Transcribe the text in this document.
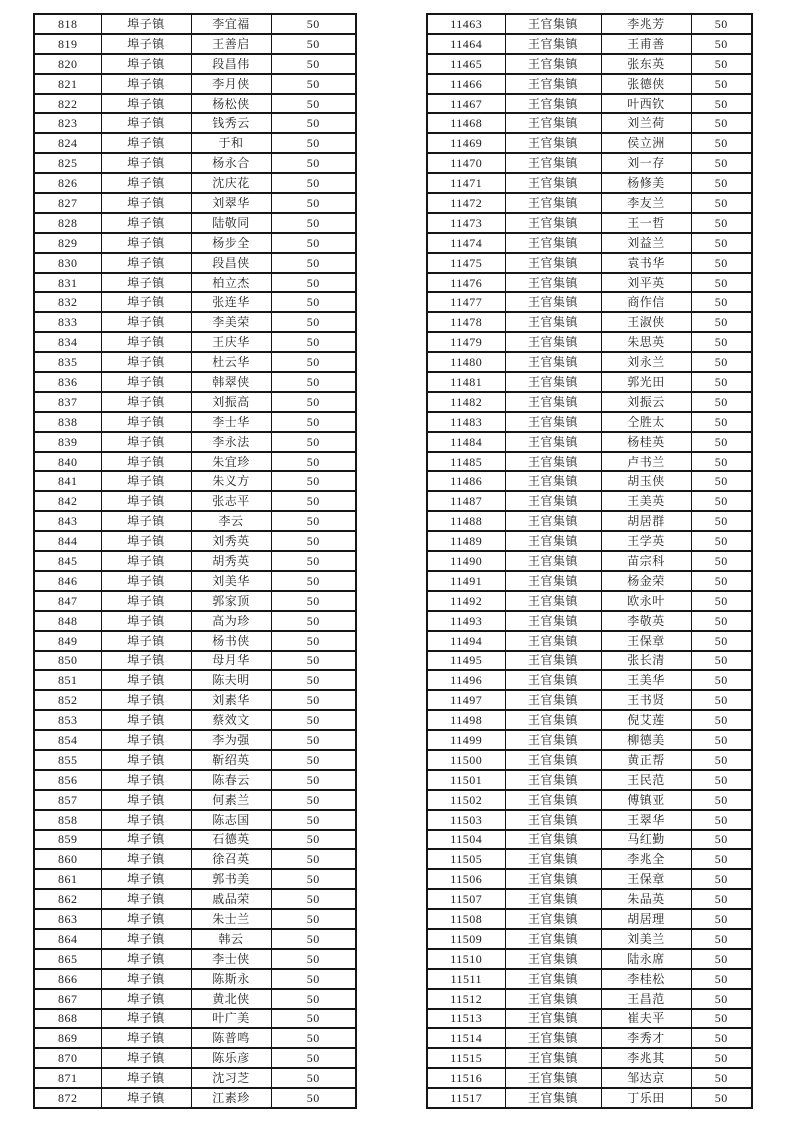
818	埠子镇	李宜福	50
819	埠子镇	王善启	50
820	埠子镇	段昌伟	50
821	埠子镇	李月侠	50
822	埠子镇	杨松侠	50
823	埠子镇	钱秀云	50
824	埠子镇	于和	50
825	埠子镇	杨永合	50
826	埠子镇	沈庆花	50
827	埠子镇	刘翠华	50
828	埠子镇	陆敬同	50
829	埠子镇	杨步全	50
830	埠子镇	段昌侠	50
831	埠子镇	柏立杰	50
832	埠子镇	张连华	50
833	埠子镇	李美荣	50
834	埠子镇	王庆华	50
835	埠子镇	杜云华	50
836	埠子镇	韩翠侠	50
837	埠子镇	刘振高	50
838	埠子镇	李士华	50
839	埠子镇	李永法	50
840	埠子镇	朱宜珍	50
841	埠子镇	朱义方	50
842	埠子镇	张志平	50
843	埠子镇	李云	50
844	埠子镇	刘秀英	50
845	埠子镇	胡秀英	50
846	埠子镇	刘美华	50
847	埠子镇	郭家顶	50
848	埠子镇	高为珍	50
849	埠子镇	杨书侠	50
850	埠子镇	母月华	50
851	埠子镇	陈夫明	50
852	埠子镇	刘素华	50
853	埠子镇	蔡效文	50
854	埠子镇	李为强	50
855	埠子镇	靳绍英	50
856	埠子镇	陈春云	50
857	埠子镇	何素兰	50
858	埠子镇	陈志国	50
859	埠子镇	石德英	50
860	埠子镇	徐召英	50
861	埠子镇	郭书美	50
862	埠子镇	戚品荣	50
863	埠子镇	朱士兰	50
864	埠子镇	韩云	50
865	埠子镇	李士侠	50
866	埠子镇	陈斯永	50
867	埠子镇	黄北侠	50
868	埠子镇	叶广美	50
869	埠子镇	陈普鸣	50
870	埠子镇	陈乐彦	50
871	埠子镇	沈习芝	50
872	埠子镇	江素珍	50
11463	王官集镇	李兆芳	50
11464	王官集镇	王甫善	50
11465	王官集镇	张东英	50
11466	王官集镇	张德侠	50
11467	王官集镇	叶西钦	50
11468	王官集镇	刘兰荷	50
11469	王官集镇	侯立洲	50
11470	王官集镇	刘一存	50
11471	王官集镇	杨修美	50
11472	王官集镇	李友兰	50
11473	王官集镇	王一哲	50
11474	王官集镇	刘益兰	50
11475	王官集镇	袁书华	50
11476	王官集镇	刘平英	50
11477	王官集镇	商作信	50
11478	王官集镇	王淑侠	50
11479	王官集镇	朱思英	50
11480	王官集镇	刘永兰	50
11481	王官集镇	郭光田	50
11482	王官集镇	刘振云	50
11483	王官集镇	仝胜太	50
11484	王官集镇	杨桂英	50
11485	王官集镇	卢书兰	50
11486	王官集镇	胡玉侠	50
11487	王官集镇	王美英	50
11488	王官集镇	胡居群	50
11489	王官集镇	王学英	50
11490	王官集镇	苗宗科	50
11491	王官集镇	杨金荣	50
11492	王官集镇	欧永叶	50
11493	王官集镇	李敬英	50
11494	王官集镇	王保章	50
11495	王官集镇	张长清	50
11496	王官集镇	王美华	50
11497	王官集镇	王书贤	50
11498	王官集镇	倪艾莲	50
11499	王官集镇	柳德美	50
11500	王官集镇	黄正帮	50
11501	王官集镇	王民范	50
11502	王官集镇	傅镇亚	50
11503	王官集镇	王翠华	50
11504	王官集镇	马红勤	50
11505	王官集镇	李兆全	50
11506	王官集镇	王保章	50
11507	王官集镇	朱品英	50
11508	王官集镇	胡居理	50
11509	王官集镇	刘美兰	50
11510	王官集镇	陆永席	50
11511	王官集镇	李桂松	50
11512	王官集镇	王昌范	50
11513	王官集镇	崔夫平	50
11514	王官集镇	李秀才	50
11515	王官集镇	李兆其	50
11516	王官集镇	邹达京	50
11517	王官集镇	丁乐田	50
